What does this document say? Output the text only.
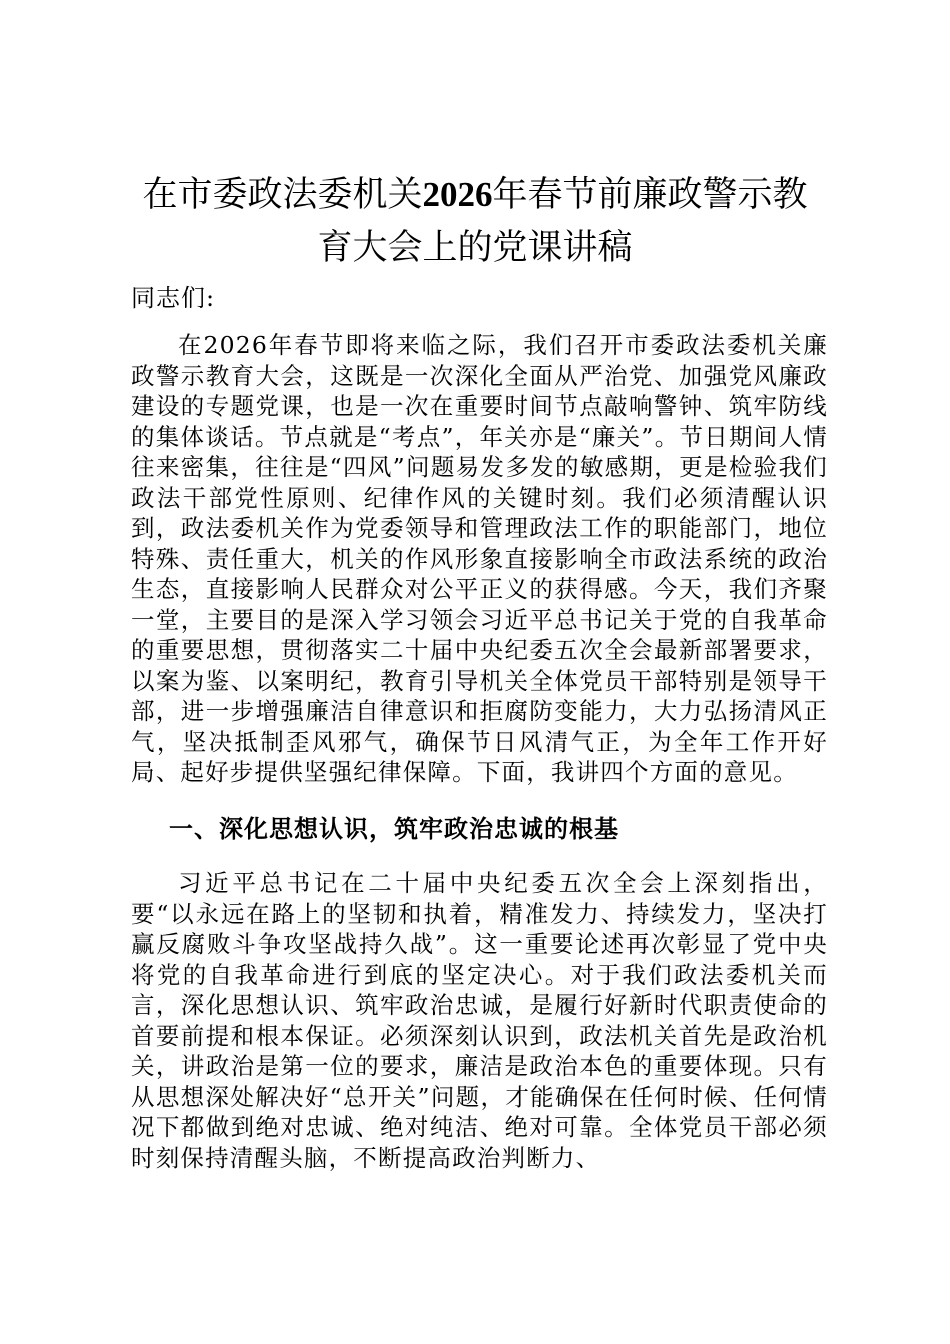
在市委政法委机关2026年春节前廉政警示教
育大会上的党课讲稿

同志们:

在2026年春节即将来临之际，我们召开市委政法委机关廉政警示教育大会，这既是一次深化全面从严治党、加强党风廉政建设的专题党课，也是一次在重要时间节点敲响警钟、筑牢防线的集体谈话。节点就是“考点”，年关亦是“廉关”。节日期间人情往来密集，往往是“四风”问题易发多发的敏感期，更是检验我们政法干部党性原则、纪律作风的关键时刻。我们必须清醒认识到，政法委机关作为党委领导和管理政法工作的职能部门，地位特殊、责任重大，机关的作风形象直接影响全市政法系统的政治生态，直接影响人民群众对公平正义的获得感。今天，我们齐聚一堂，主要目的是深入学习领会习近平总书记关于党的自我革命的重要思想，贯彻落实二十届中央纪委五次全会最新部署要求，以案为鉴、以案明纪，教育引导机关全体党员干部特别是领导干部，进一步增强廉洁自律意识和拒腐防变能力，大力弘扬清风正气，坚决抵制歪风邪气，确保节日风清气正，为全年工作开好局、起好步提供坚强纪律保障。下面，我讲四个方面的意见。

一、深化思想认识，筑牢政治忠诚的根基

习近平总书记在二十届中央纪委五次全会上深刻指出，要“以永远在路上的坚韧和执着，精准发力、持续发力，坚决打赢反腐败斗争攻坚战持久战”。这一重要论述再次彰显了党中央将党的自我革命进行到底的坚定决心。对于我们政法委机关而言，深化思想认识、筑牢政治忠诚，是履行好新时代职责使命的首要前提和根本保证。必须深刻认识到，政法机关首先是政治机关，讲政治是第一位的要求，廉洁是政治本色的重要体现。只有从思想深处解决好“总开关”问题，才能确保在任何时候、任何情况下都做到绝对忠诚、绝对纯洁、绝对可靠。全体党员干部必须时刻保持清醒头脑，不断提高政治判断力、
